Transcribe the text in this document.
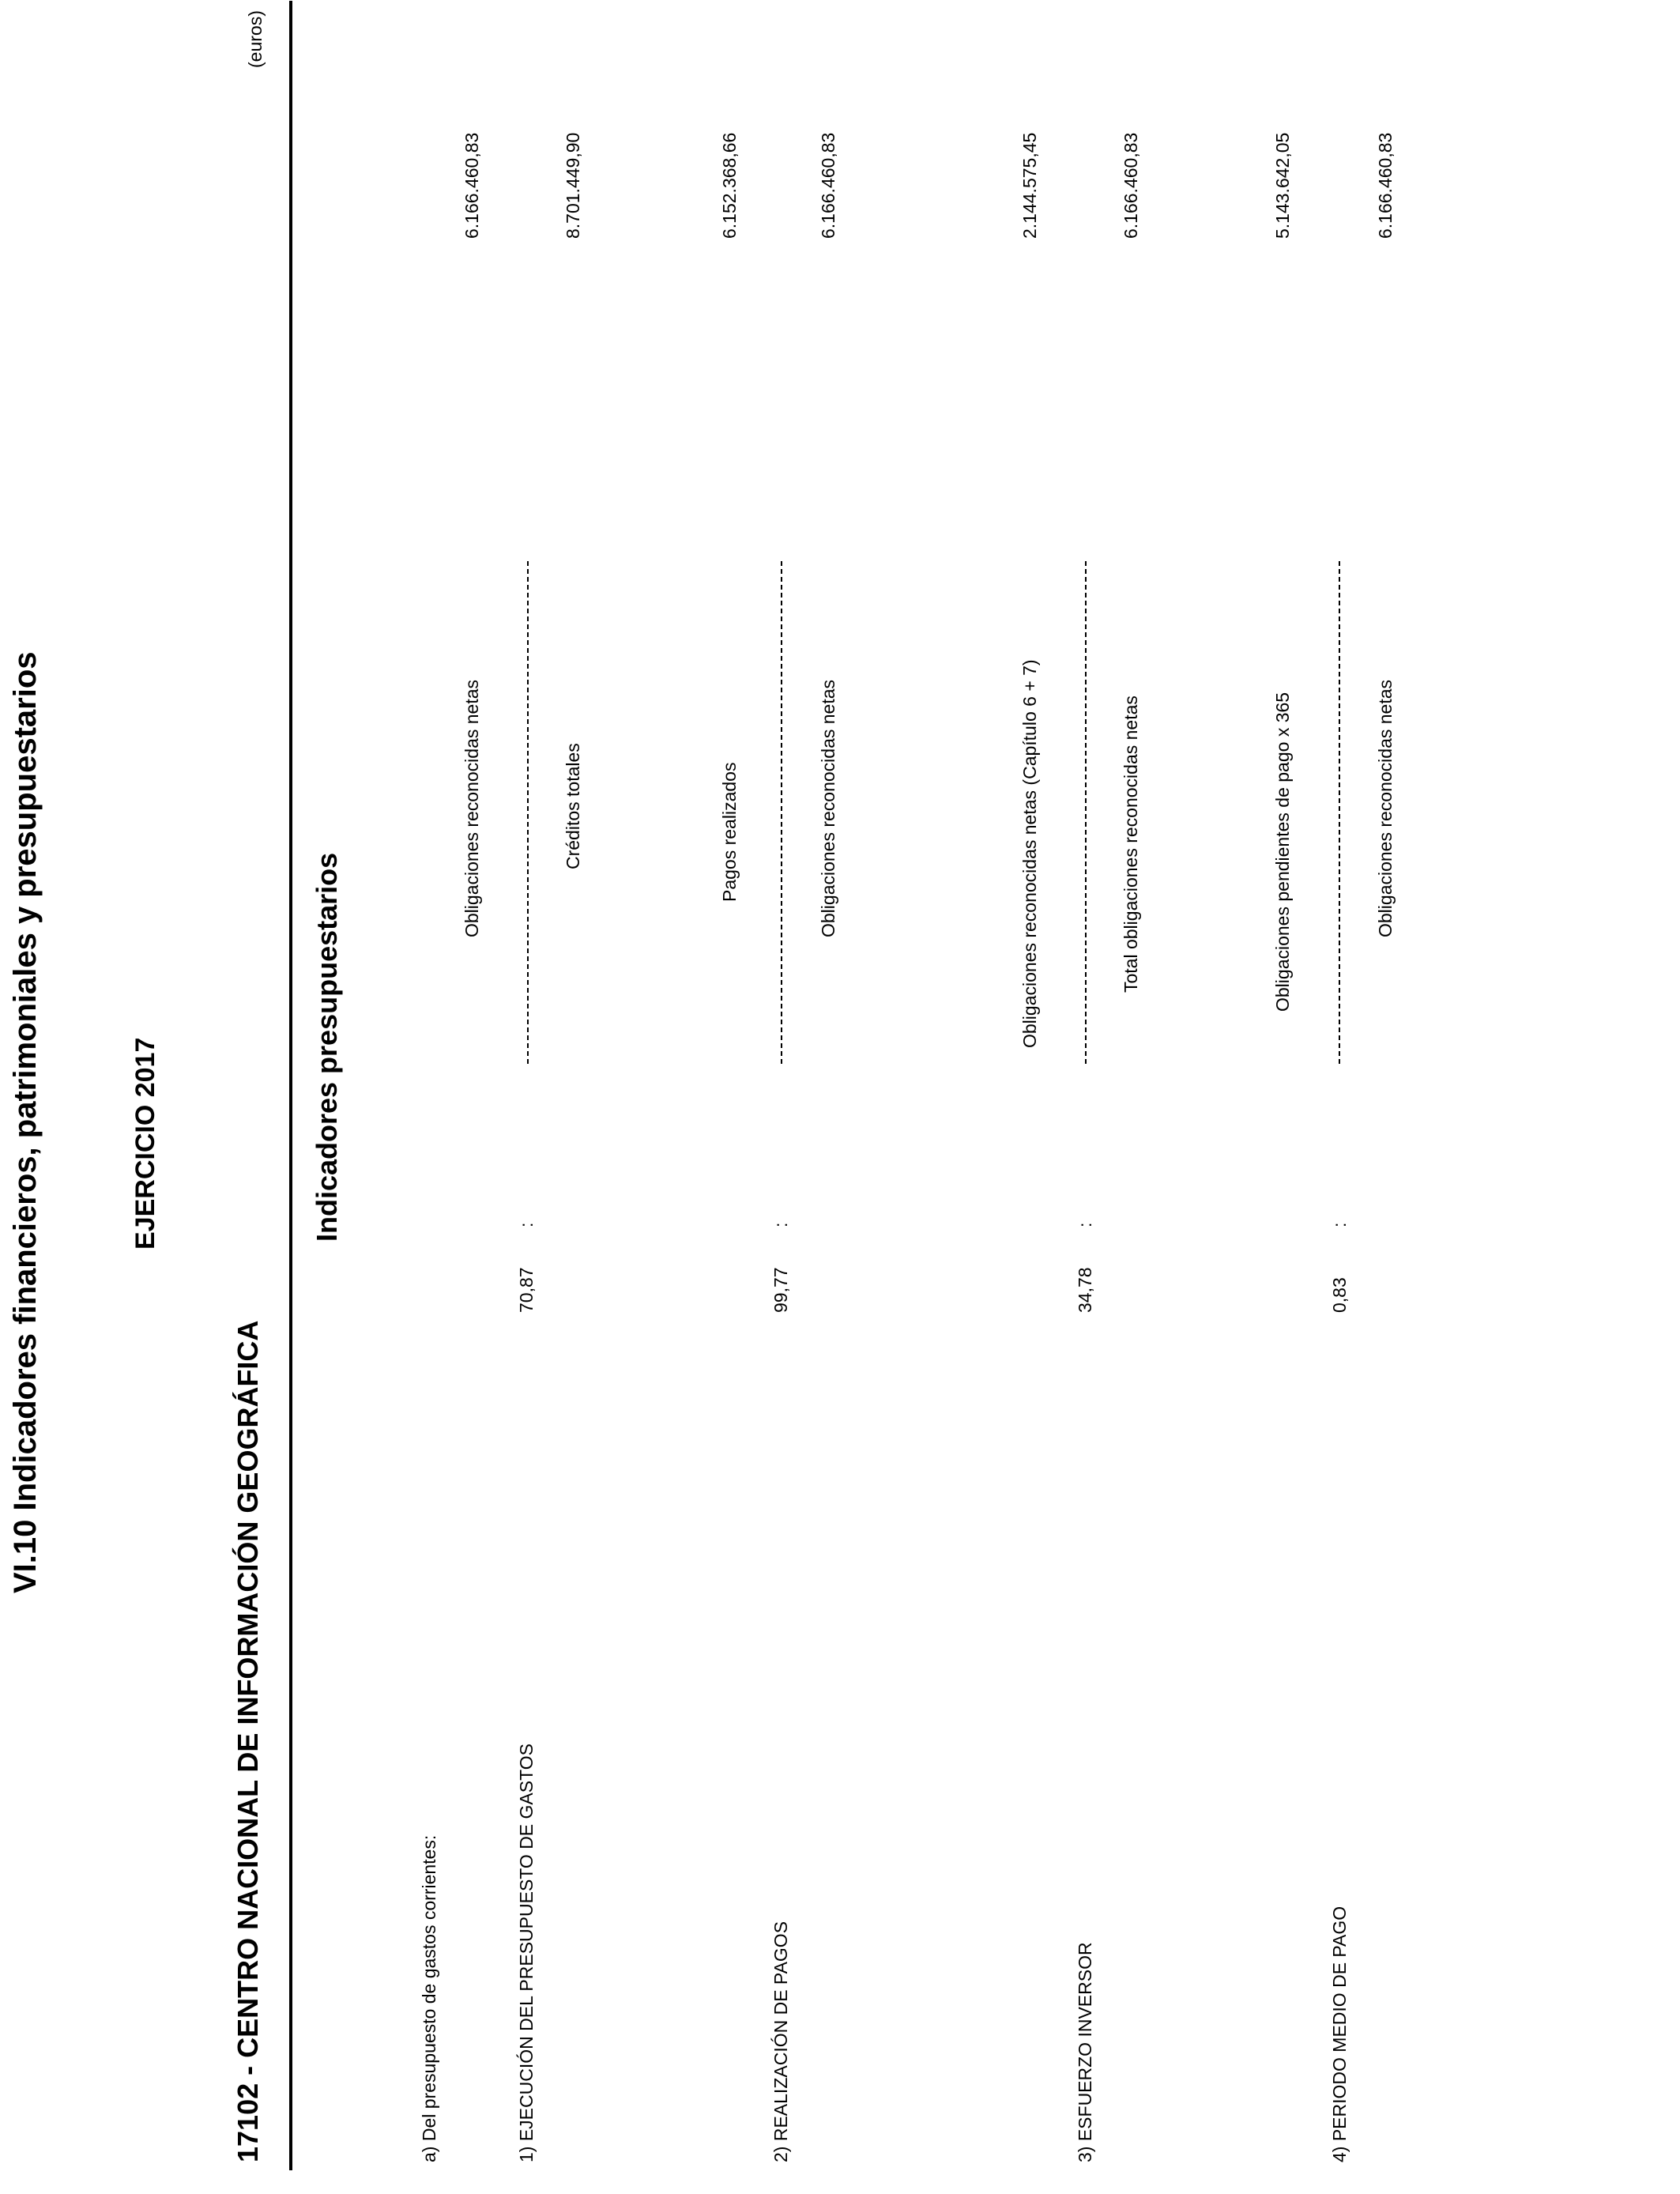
VI.10 Indicadores financieros, patrimoniales y presupuestarios
17102 - CENTRO NACIONAL DE INFORMACIÓN GEOGRÁFICA
EJERCICIO 2017
(euros)
Indicadores presupuestarios
a) Del presupuesto de gastos corrientes:	1) EJECUCIÓN DEL PRESUPUESTO DE GASTOS
70,87
:
Obligaciones reconocidas netas	Créditos totales
6.166.460,83	8.701.449,90
2) REALIZACIÓN DE PAGOS
99,77
:
Pagos realizados	Obligaciones reconocidas netas
6.152.368,66	6.166.460,83
3) ESFUERZO INVERSOR
34,78
:
Obligaciones reconocidas netas (Capítulo 6 + 7)	Total obligaciones reconocidas netas
2.144.575,45	6.166.460,83
4) PERIODO MEDIO DE PAGO
0,83
:
Obligaciones pendientes de pago x 365	Obligaciones reconocidas netas
5.143.642,05	6.166.460,83
